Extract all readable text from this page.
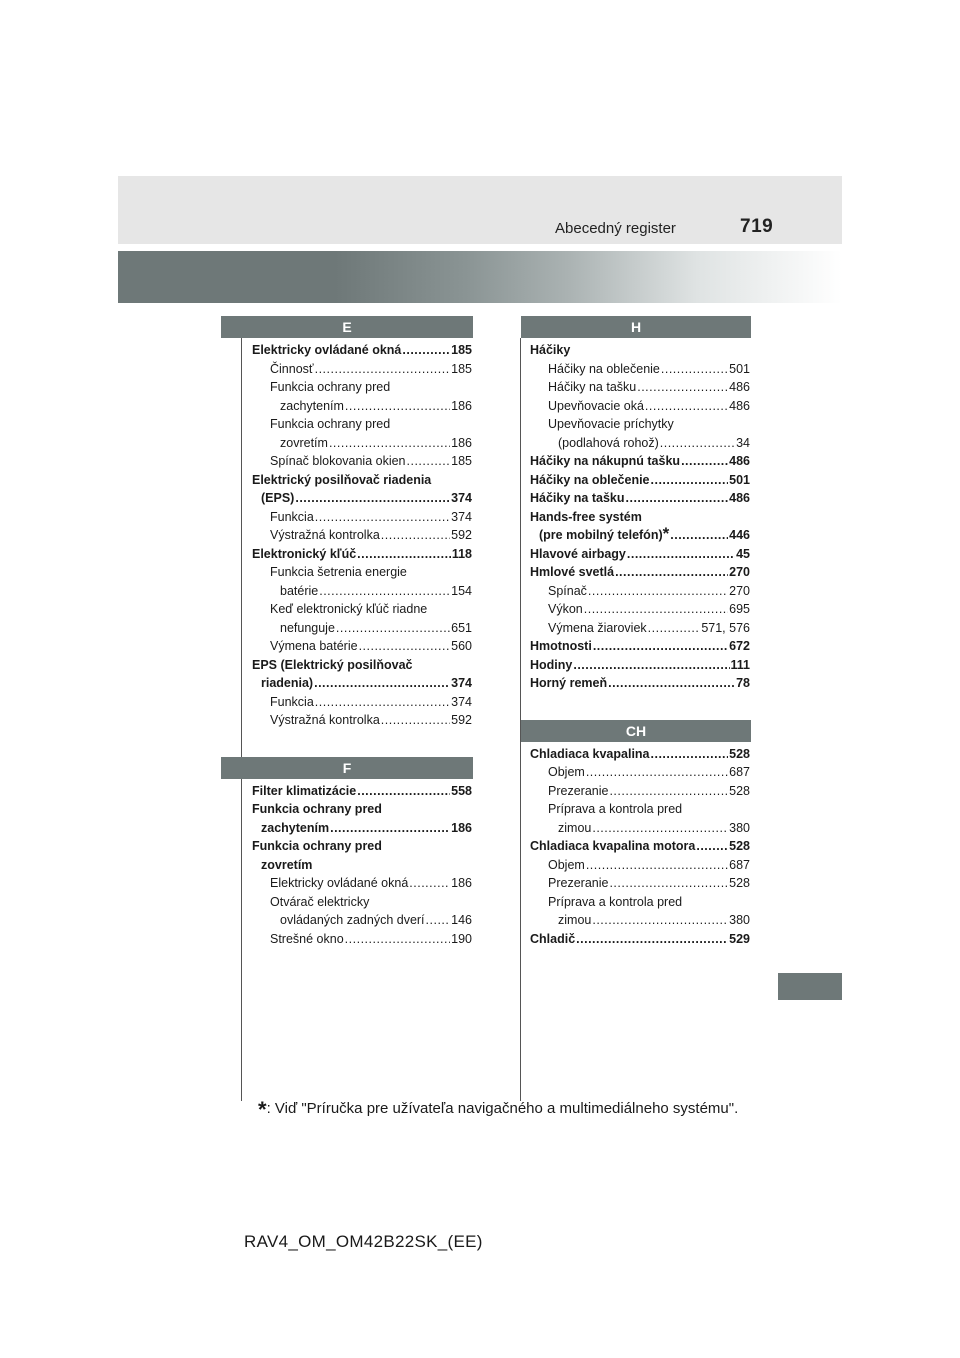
Abecedný register	719
E
Elektricky ovládané okná .....	185
Činnosť .....	185
Funkcia ochrany pred
zachytením .....	186
Funkcia ochrany pred
zovretím .....	186
Spínač blokovania okien .....	185
Elektrický posilňovač riadenia
(EPS) .....	374
Funkcia .....	374
Výstražná kontrolka .....	592
Elektronický kľúč .....	118
Funkcia šetrenia energie
batérie .....	154
Keď elektronický kľúč riadne
nefunguje .....	651
Výmena batérie .....	560
EPS (Elektrický posilňovač
riadenia) .....	374
Funkcia .....	374
Výstražná kontrolka .....	592
F
Filter klimatizácie .....	558
Funkcia ochrany pred
zachytením .....	186
Funkcia ochrany pred
zovretím
Elektricky ovládané okná .....	186
Otvárač elektricky
ovládaných zadných dverí ..... 146
Strešné okno .....	190
H
Háčiky
Háčiky na oblečenie .....	501
Háčiky na tašku .....	486
Upevňovacie oká .....	486
Upevňovacie príchytky
(podlahová rohož) .....	34
Háčiky na nákupnú tašku .....	486
Háčiky na oblečenie .....	501
Háčiky na tašku .....	486
Hands-free systém
(pre mobilný telefón) * .....	446
Hlavové airbagy .....	45
Hmlové svetlá .....	270
Spínač .....	270
Výkon .....	695
Výmena žiaroviek .....	571, 576
Hmotnosti .....	672
Hodiny .....	111
Horný remeň .....	78
CH
Chladiaca kvapalina .....	528
Objem .....	687
Prezeranie .....	528
Príprava a kontrola pred
zimou .....	380
Chladiaca kvapalina motora .....	528
Objem .....	687
Prezeranie .....	528
Príprava a kontrola pred
zimou .....	380
Chladič .....	529
*: Viď "Príručka pre užívateľa navigačného a multimediálneho systému".
RAV4_OM_OM42B22SK_(EE)
